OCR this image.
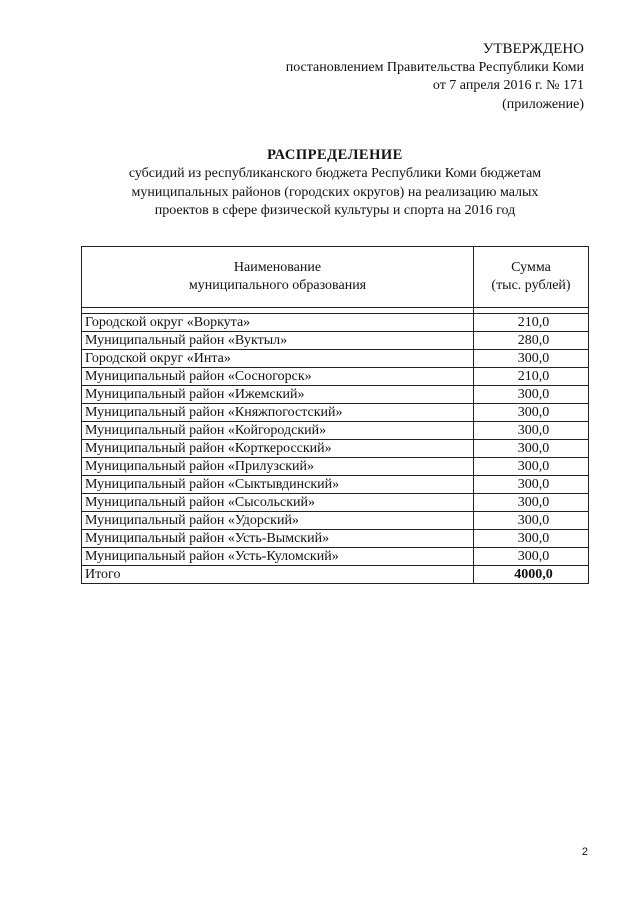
УТВЕРЖДЕНО
постановлением Правительства Республики Коми
от 7 апреля 2016 г. № 171
(приложение)
РАСПРЕДЕЛЕНИЕ
субсидий из республиканского бюджета Республики Коми бюджетам
муниципальных районов (городских округов) на реализацию малых
проектов в сфере физической культуры и спорта на 2016 год
Наименование
муниципального образования	Сумма
(тыс. рублей)

Городской округ «Воркута»	210,0
Муниципальный район «Вуктыл»	280,0
Городской округ «Инта»	300,0
Муниципальный район «Сосногорск»	210,0
Муниципальный район «Ижемский»	300,0
Муниципальный район «Княжпогостский»	300,0
Муниципальный район «Койгородский»	300,0
Муниципальный район «Корткеросский»	300,0
Муниципальный район «Прилузский»	300,0
Муниципальный район «Сыктывдинский»	300,0
Муниципальный район «Сысольский»	300,0
Муниципальный район «Удорский»	300,0
Муниципальный район «Усть-Вымский»	300,0
Муниципальный район «Усть-Куломский»	300,0
Итого	4000,0
2
